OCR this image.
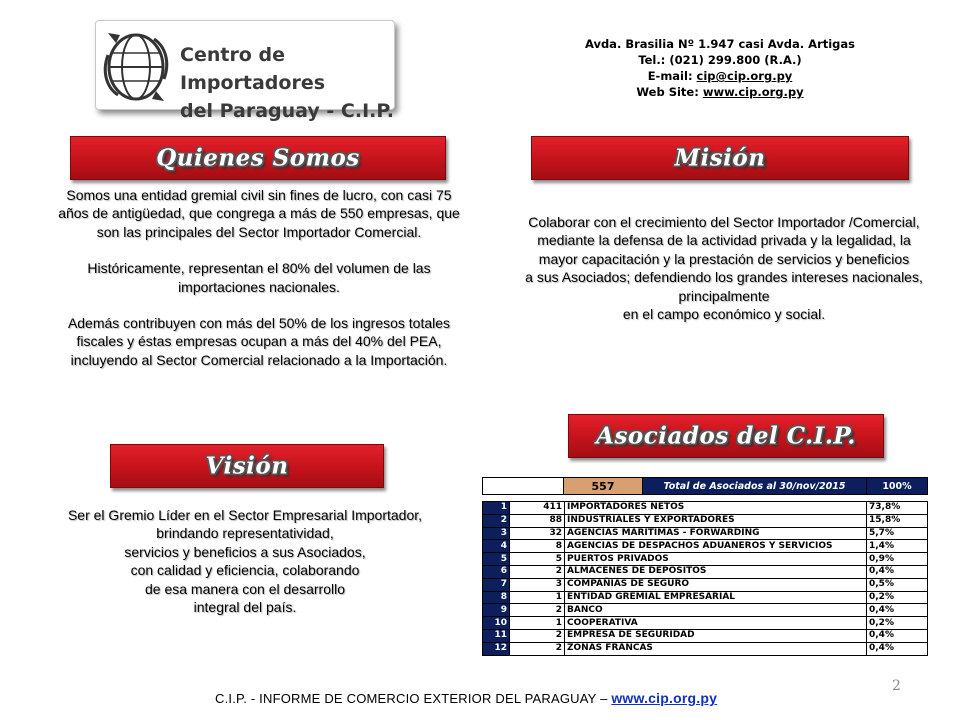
Centro de Importadores
del Paraguay - C.I.P.
Avda. Brasilia Nº 1.947 casi Avda. Artigas
Tel.: (021) 299.800 (R.A.)
E-mail: cip@cip.org.py
Web Site: www.cip.org.py
Quienes Somos

Somos una entidad gremial civil sin fines de lucro, con casi 75 años de antigüedad, que congrega a más de 550 empresas, que son las principales del Sector Importador Comercial.

Históricamente, representan el 80% del volumen de las importaciones nacionales.

Además contribuyen con más del 50% de los ingresos totales fiscales y éstas empresas ocupan a más del 40% del PEA, incluyendo al Sector Comercial relacionado a la Importación.

Misión

Colaborar con el crecimiento del Sector Importador /Comercial, mediante la defensa de la actividad privada y la legalidad, la mayor capacitación y la prestación de servicios y beneficios

a sus Asociados; defendiendo los grandes intereses nacionales, principalmente

en el campo económico y social.

Visión

Ser el Gremio Líder en el Sector Empresarial Importador,

brindando representatividad,

servicios y beneficios a sus Asociados,

con calidad y eficiencia, colaborando

de esa manera con el desarrollo

integral del país.

Asociados del C.I.P.
	557	Total de Asociados al 30/nov/2015	100%
1	411	IMPORTADORES NETOS	73,8%
2	88	INDUSTRIALES Y EXPORTADORES	15,8%
3	32	AGENCIAS MARITIMAS - FORWARDING	5,7%
4	8	AGENCIAS DE DESPACHOS ADUANEROS Y SERVICIOS	1,4%
5	5	PUERTOS PRIVADOS	0,9%
6	2	ALMACENES DE DEPOSITOS	0,4%
7	3	COMPAÑIAS DE SEGURO	0,5%
8	1	ENTIDAD GREMIAL EMPRESARIAL	0,2%
9	2	BANCO	0,4%
10	1	COOPERATIVA	0,2%
11	2	EMPRESA DE SEGURIDAD	0,4%
12	2	ZONAS FRANCAS	0,4%
C.I.P. - INFORME DE COMERCIO EXTERIOR DEL PARAGUAY – www.cip.org.py
2
